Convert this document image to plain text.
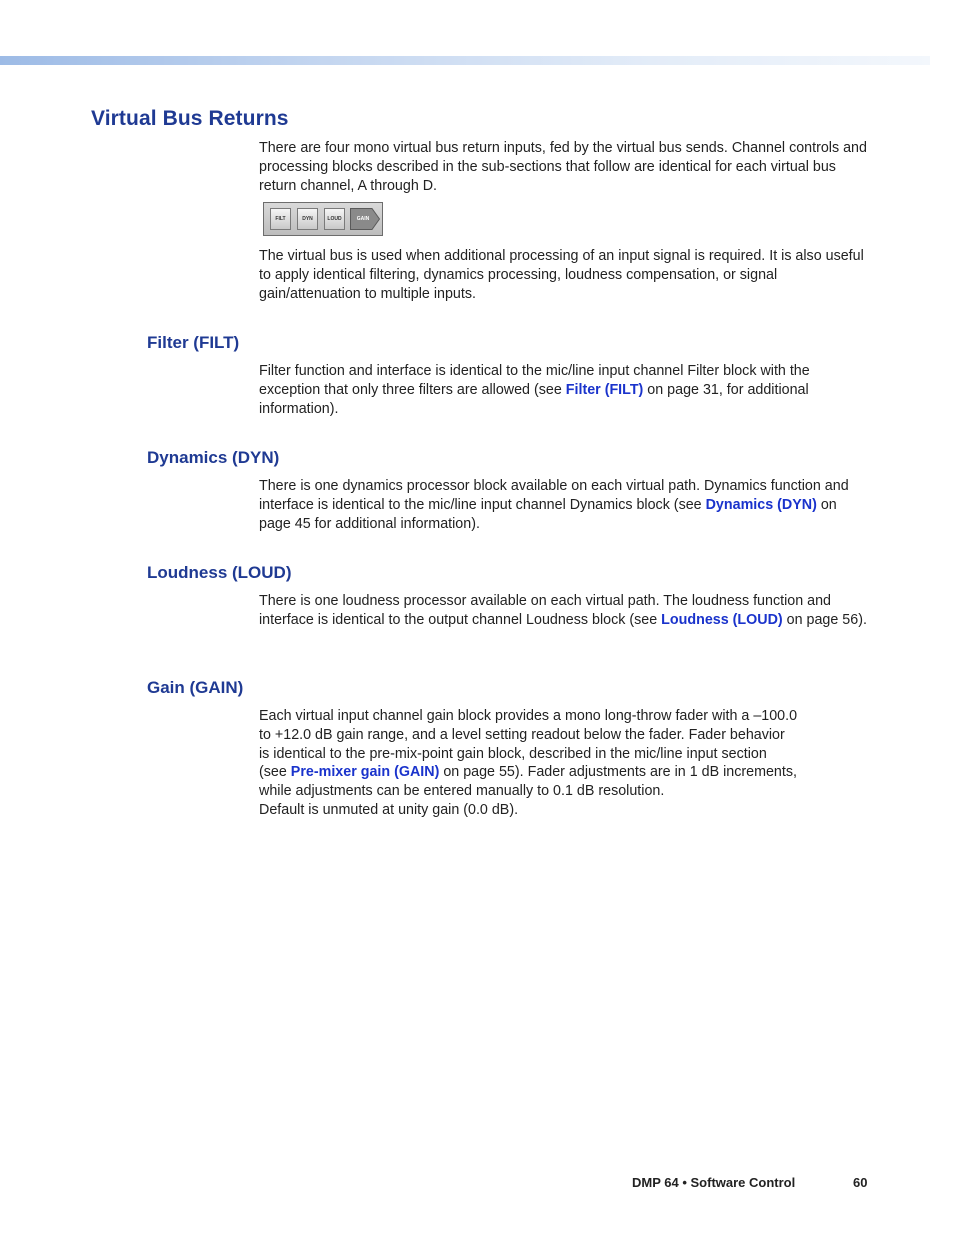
Virtual Bus Returns
There are four mono virtual bus return inputs, fed by the virtual bus sends. Channel controls and processing blocks described in the sub-sections that follow are identical for each virtual bus return channel, A through D.
FILT	DYN	LOUD	GAIN
The virtual bus is used when additional processing of an input signal is required. It is also useful to apply identical filtering, dynamics processing, loudness compensation, or signal gain/attenuation to multiple inputs.
Filter (FILT)
Filter function and interface is identical to the mic/line input channel Filter block with the exception that only three filters are allowed (see Filter (FILT) on page 31, for additional information).
Dynamics (DYN)
There is one dynamics processor block available on each virtual path. Dynamics function and interface is identical to the mic/line input channel Dynamics block (see Dynamics (DYN) on page 45 for additional information).
Loudness (LOUD)
There is one loudness processor available on each virtual path. The loudness function and interface is identical to the output channel Loudness block (see Loudness (LOUD) on page 56).
Gain (GAIN)
Each virtual input channel gain block provides a mono long-throw fader with a –100.0
to +12.0 dB gain range, and a level setting readout below the fader. Fader behavior
is identical to the pre-mix-point gain block, described in the mic/line input section
(see Pre-mixer gain (GAIN) on page 55). Fader adjustments are in 1 dB increments,
while adjustments can be entered manually to 0.1 dB resolution.
Default is unmuted at unity gain (0.0 dB).
DMP 64 • Software Control	60
